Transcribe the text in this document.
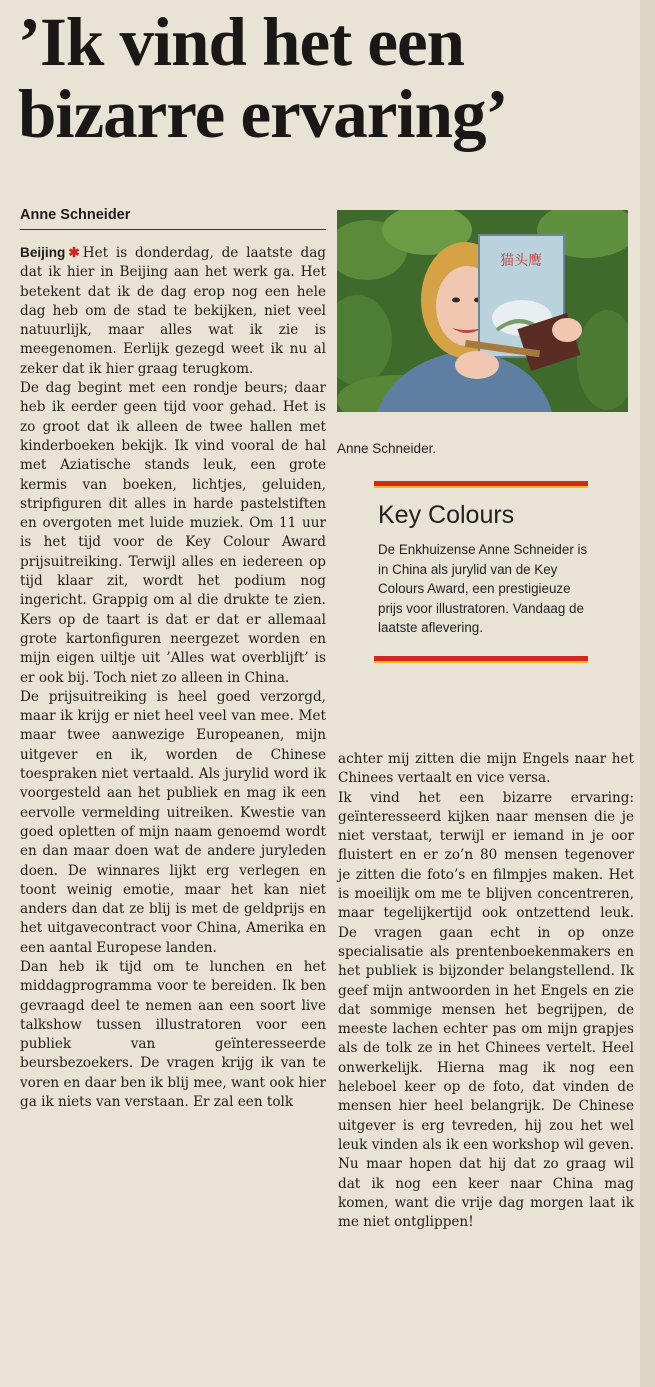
’Ik vind het een bizarre ervaring’
Anne Schneider

Beijing ✱ Het is donderdag, de laatste dag dat ik hier in Beijing aan het werk ga. Het betekent dat ik de dag erop nog een hele dag heb om de stad te bekijken, niet veel natuurlijk, maar alles wat ik zie is meegenomen. Eerlijk gezegd weet ik nu al zeker dat ik hier graag terugkom.

De dag begint met een rondje beurs; daar heb ik eerder geen tijd voor gehad. Het is zo groot dat ik alleen de twee hallen met kinderboeken bekijk. Ik vind vooral de hal met Aziatische stands leuk, een grote kermis van boeken, lichtjes, geluiden, stripfiguren dit alles in harde pastelstiften en overgoten met luide muziek. Om 11 uur is het tijd voor de Key Colour Award prijsuitreiking. Terwijl alles en iedereen op tijd klaar zit, wordt het podium nog ingericht. Grappig om al die drukte te zien. Kers op de taart is dat er dat er allemaal grote kartonfiguren neergezet worden en mijn eigen uiltje uit ’Alles wat overblijft’ is er ook bij. Toch niet zo alleen in China.

De prijsuitreiking is heel goed verzorgd, maar ik krijg er niet heel veel van mee. Met maar twee aanwezige Europeanen, mijn uitgever en ik, worden de Chinese toespraken niet vertaald. Als jurylid word ik voorgesteld aan het publiek en mag ik een eervolle vermelding uitreiken. Kwestie van goed opletten of mijn naam genoemd wordt en dan maar doen wat de andere juryleden doen. De winnares lijkt erg verlegen en toont weinig emotie, maar het kan niet anders dan dat ze blij is met de geldprijs en het uitgavecontract voor China, Amerika en een aantal Europese landen.

Dan heb ik tijd om te lunchen en het middagprogramma voor te bereiden. Ik ben gevraagd deel te nemen aan een soort live talkshow tussen illustratoren voor een publiek van geïnteresseerde beursbezoekers. De vragen krijg ik van te voren en daar ben ik blij mee, want ook hier ga ik niets van verstaan. Er zal een tolk

猫头鹰
Anne Schneider.
Key Colours
De Enkhuizense Anne Schneider is in China als jurylid van de Key Colours Award, een prestigieuze prijs voor illustratoren. Vandaag de laatste aflevering.

achter mij zitten die mijn Engels naar het Chinees vertaalt en vice versa.

Ik vind het een bizarre ervaring: geïnteresseerd kijken naar mensen die je niet verstaat, terwijl er iemand in je oor fluistert en er zo’n 80 mensen tegenover je zitten die foto’s en filmpjes maken. Het is moeilijk om me te blijven concentreren, maar tegelijkertijd ook ontzettend leuk. De vragen gaan echt in op onze specialisatie als prentenboekenmakers en het publiek is bijzonder belangstellend. Ik geef mijn antwoorden in het Engels en zie dat sommige mensen het begrijpen, de meeste lachen echter pas om mijn grapjes als de tolk ze in het Chinees vertelt. Heel onwerkelijk. Hierna mag ik nog een heleboel keer op de foto, dat vinden de mensen hier heel belangrijk. De Chinese uitgever is erg tevreden, hij zou het wel leuk vinden als ik een workshop wil geven. Nu maar hopen dat hij dat zo graag wil dat ik nog een keer naar China mag komen, want die vrije dag morgen laat ik me niet ontglippen!
